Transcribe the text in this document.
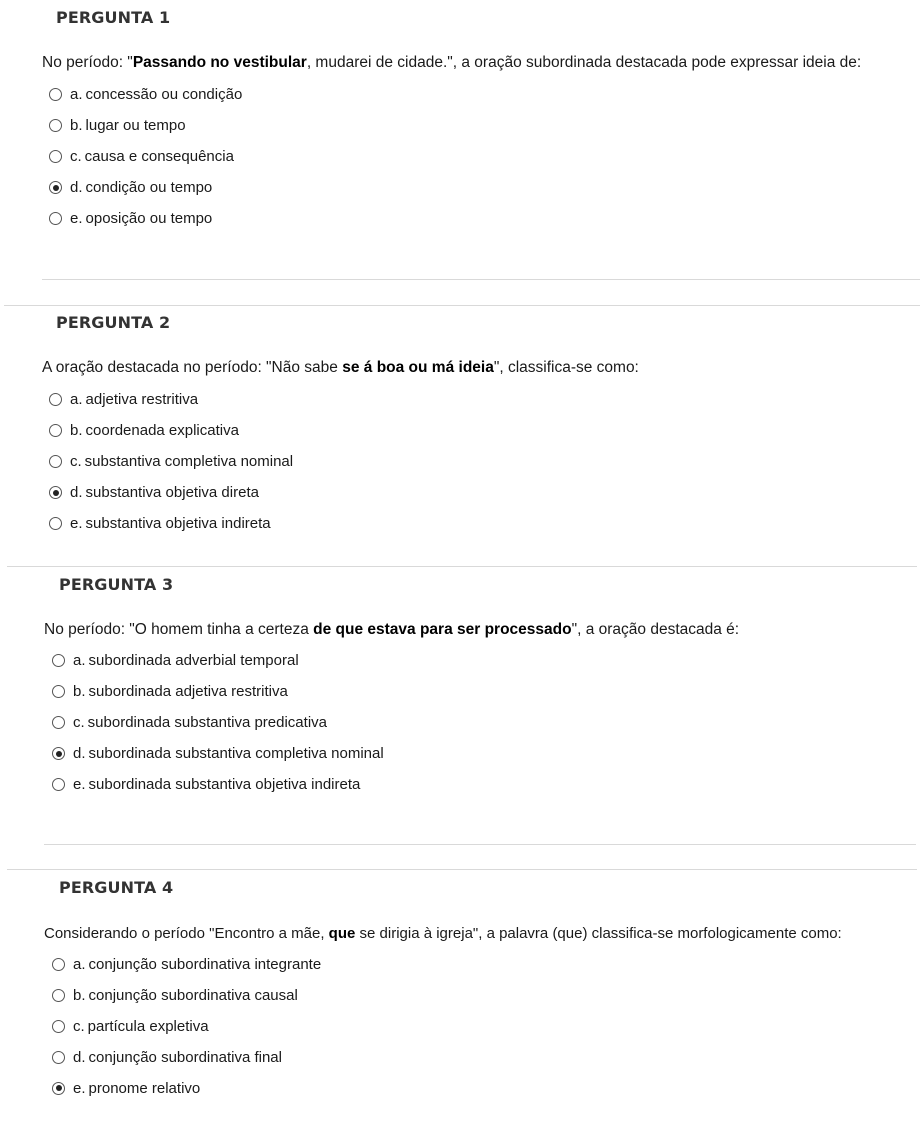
PERGUNTA 1
No período: "Passando no vestibular, mudarei de cidade.", a oração subordinada destacada pode expressar ideia de:
a. concessão ou condição
b. lugar ou tempo
c. causa e consequência
d. condição ou tempo
e. oposição ou tempo
PERGUNTA 2
A oração destacada no período: "Não sabe se á boa ou má ideia", classifica-se como:
a. adjetiva restritiva
b. coordenada explicativa
c. substantiva completiva nominal
d. substantiva objetiva direta
e. substantiva objetiva indireta
PERGUNTA 3
No período: "O homem tinha a certeza de que estava para ser processado", a oração destacada é:
a. subordinada adverbial temporal
b. subordinada adjetiva restritiva
c. subordinada substantiva predicativa
d. subordinada substantiva completiva nominal
e. subordinada substantiva objetiva indireta
PERGUNTA 4
Considerando o período "Encontro a mãe, que se dirigia à igreja", a palavra (que) classifica-se morfologicamente como:
a. conjunção subordinativa integrante
b. conjunção subordinativa causal
c. partícula expletiva
d. conjunção subordinativa final
e. pronome relativo
